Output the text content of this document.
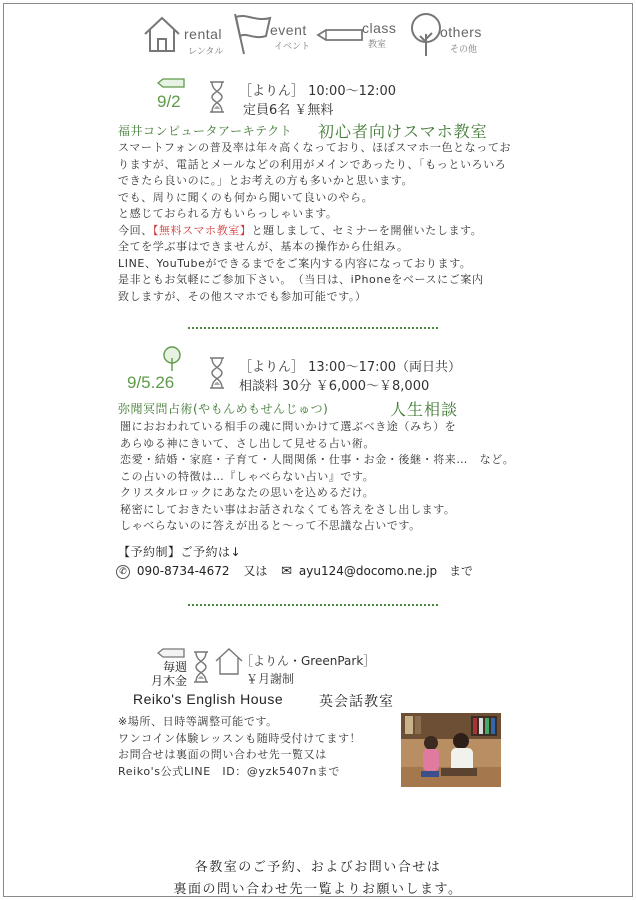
rental
レンタル
event
イベント
class
教室
others
その他
9/2
［よりん］ 10:00～12:00
定員6名 ￥無料
福井コンピュータアーキテクト 初心者向けスマホ教室
スマートフォンの普及率は年々高くなっており、ほぼスマホ一色となってお
りますが、電話とメールなどの利用がメインであったり、「もっといろいろ
できたら良いのに。」とお考えの方も多いかと思います。
でも、周りに聞くのも何から聞いて良いのやら。
と感じておられる方もいらっしゃいます。
今回、【無料スマホ教室】と題しまして、セミナーを開催いたします。
全てを学ぶ事はできませんが、基本の操作から仕組み。
LINE、YouTubeができるまでをご案内する内容になっております。
是非ともお気軽にご参加下さい。　（当日は、iPhoneをベースにご案内
致しますが、その他スマホでも参加可能です。）
9/5.26
［よりん］ 13:00～17:00（両日共）
相談料 30分 ￥6,000～￥8,000
弥聞冥問占術(やもんめもせんじゅつ)	人生相談
闇におおわれている相手の魂に問いかけて選ぶべき途（みち）を
あらゆる神にきいて、さし出して見せる占い術。
恋愛・結婚・家庭・子育て・人間関係・仕事・お金・後継・将来…　など。
この占いの特徴は…『しゃべらない占い』です。
クリスタルロックにあなたの思いを込めるだけ。
秘密にしておきたい事はお話されなくても答えをさし出します。
しゃべらないのに答えが出ると～って不思議な占いです。
【予約制】ご予約は↓
✆ 090-8734-4672 又は ✉ ayu124@docomo.ne.jp まで
毎週
月木金
［よりん・GreenPark］
￥月謝制
Reiko's English House	英会話教室
※場所、日時等調整可能です。
ワンコイン体験レッスンも随時受付けてます！
お問合せは裏面の問い合わせ先一覧又は
Reiko's公式LINE　ID：@yzk5407nまで
各教室のご予約、およびお問い合せは
裏面の問い合わせ先一覧よりお願いします。
